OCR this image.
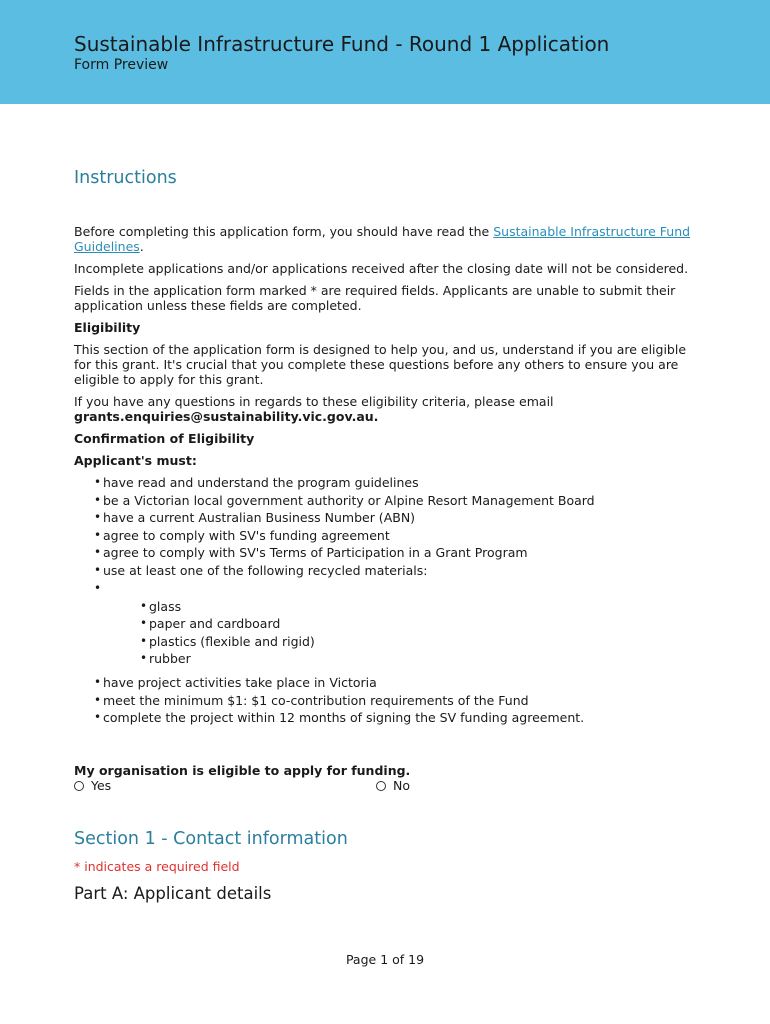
Sustainable Infrastructure Fund - Round 1 Application
Form Preview
Instructions

Before completing this application form, you should have read the Sustainable Infrastructure Fund Guidelines.

Incomplete applications and/or applications received after the closing date will not be considered.

Fields in the application form marked * are required fields. Applicants are unable to submit their application unless these fields are completed.

Eligibility

This section of the application form is designed to help you, and us, understand if you are eligible for this grant. It's crucial that you complete these questions before any others to ensure you are eligible to apply for this grant.

If you have any questions in regards to these eligibility criteria, please email
grants.enquiries@sustainability.vic.gov.au.

Confirmation of Eligibility

Applicant's must:

• have read and understand the program guidelines
• be a Victorian local government authority or Alpine Resort Management Board
• have a current Australian Business Number (ABN)
• agree to comply with SV's funding agreement
• agree to comply with SV's Terms of Participation in a Grant Program
• use at least one of the following recycled materials:
•
• glass
• paper and cardboard
• plastics (flexible and rigid)
• rubber
• have project activities take place in Victoria
• meet the minimum $1: $1 co-contribution requirements of the Fund
• complete the project within 12 months of signing the SV funding agreement.

My organisation is eligible to apply for funding.

Yes	No
Section 1 - Contact information

* indicates a required field

Part A: Applicant details
Page 1 of 19
